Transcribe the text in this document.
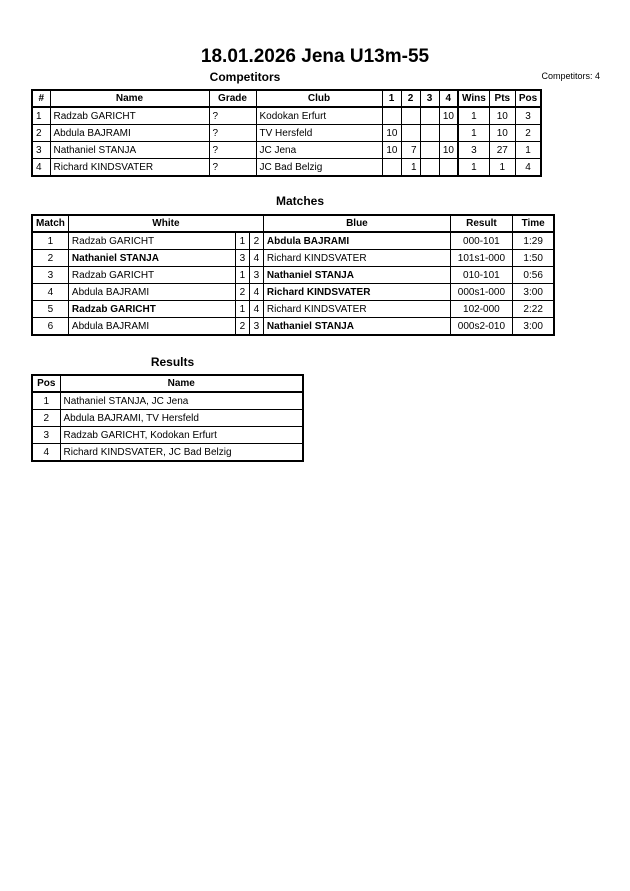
18.01.2026 Jena U13m-55
Competitors	Competitors: 4
#	Name	Grade	Club	1	2	3	4	Wins	Pts	Pos
1	Radzab GARICHT	?	Kodokan Erfurt				10	1	10	3
2	Abdula BAJRAMI	?	TV Hersfeld	10				1	10	2
3	Nathaniel STANJA	?	JC Jena	10	7		10	3	27	1
4	Richard KINDSVATER	?	JC Bad Belzig		1			1	1	4
Matches
Match	White			Blue	Result	Time
1	Radzab GARICHT	1	2	Abdula BAJRAMI	000-101	1:29
2	Nathaniel STANJA	3	4	Richard KINDSVATER	101s1-000	1:50
3	Radzab GARICHT	1	3	Nathaniel STANJA	010-101	0:56
4	Abdula BAJRAMI	2	4	Richard KINDSVATER	000s1-000	3:00
5	Radzab GARICHT	1	4	Richard KINDSVATER	102-000	2:22
6	Abdula BAJRAMI	2	3	Nathaniel STANJA	000s2-010	3:00
Results
Pos	Name
1	Nathaniel STANJA, JC Jena
2	Abdula BAJRAMI, TV Hersfeld
3	Radzab GARICHT, Kodokan Erfurt
4	Richard KINDSVATER, JC Bad Belzig
